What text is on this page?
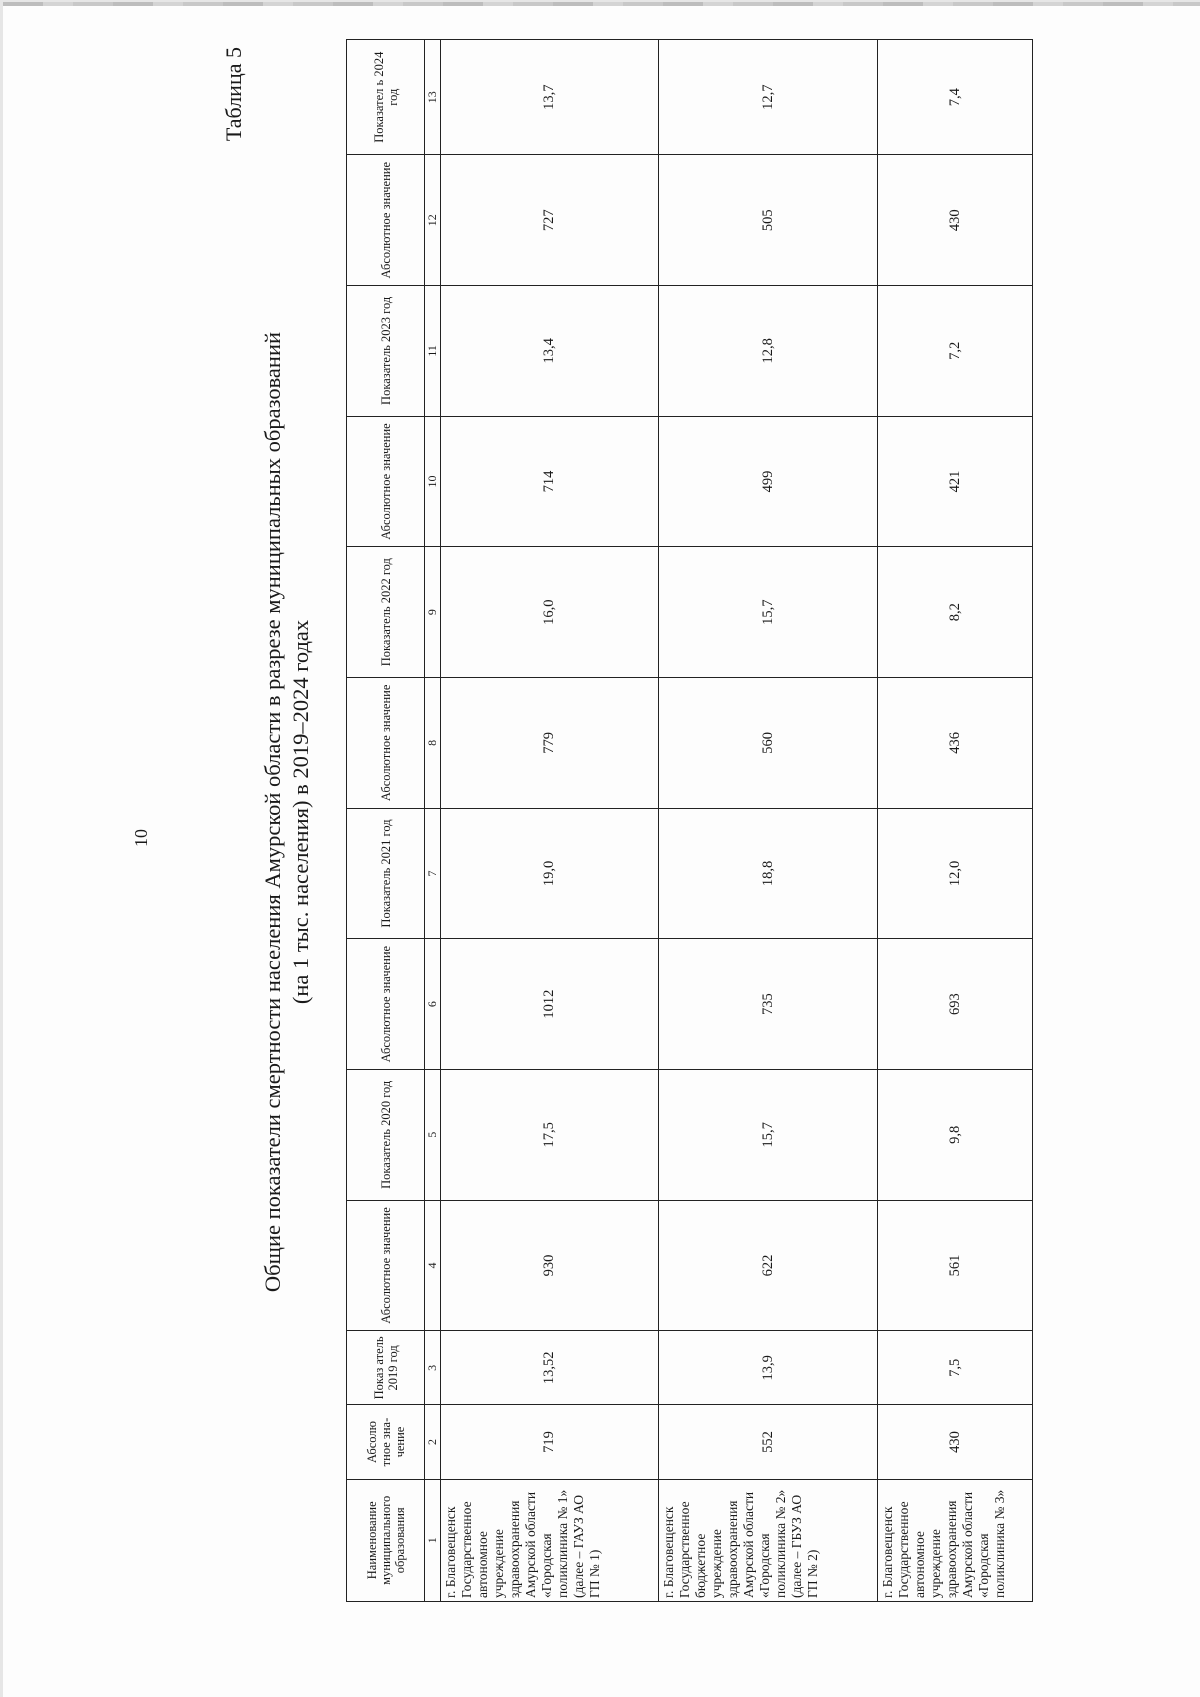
10
Таблица 5
Общие показатели смертности населения Амурской области в разрезе муниципальных образований (на 1 тыс. населения) в 2019–2024 годах
Наименование муниципального образования	Абсолю тное зна- чение	Показ атель 2019 год	Абсолютное значение	Показатель 2020 год	Абсолютное значение	Показатель 2021 год	Абсолютное значение	Показатель 2022 год	Абсолютное значение	Показатель 2023 год	Абсолютное значение	Показател ь 2024 год
1	2	3	4	5	6	7	8	9	10	11	12	13
г. Благовещенск Государственное автономное учреждение здравоохранения Амурской области «Городская поликлиника № 1» (далее – ГАУЗ АО ГП № 1)	719	13,52	930	17,5	1012	19,0	779	16,0	714	13,4	727	13,7
г. Благовещенск Государственное бюджетное учреждение здравоохранения Амурской области «Городская поликлиника № 2» (далее – ГБУЗ АО ГП № 2)	552	13,9	622	15,7	735	18,8	560	15,7	499	12,8	505	12,7
г. Благовещенск Государственное автономное учреждение здравоохранения Амурской области «Городская поликлиника № 3»	430	7,5	561	9,8	693	12,0	436	8,2	421	7,2	430	7,4
